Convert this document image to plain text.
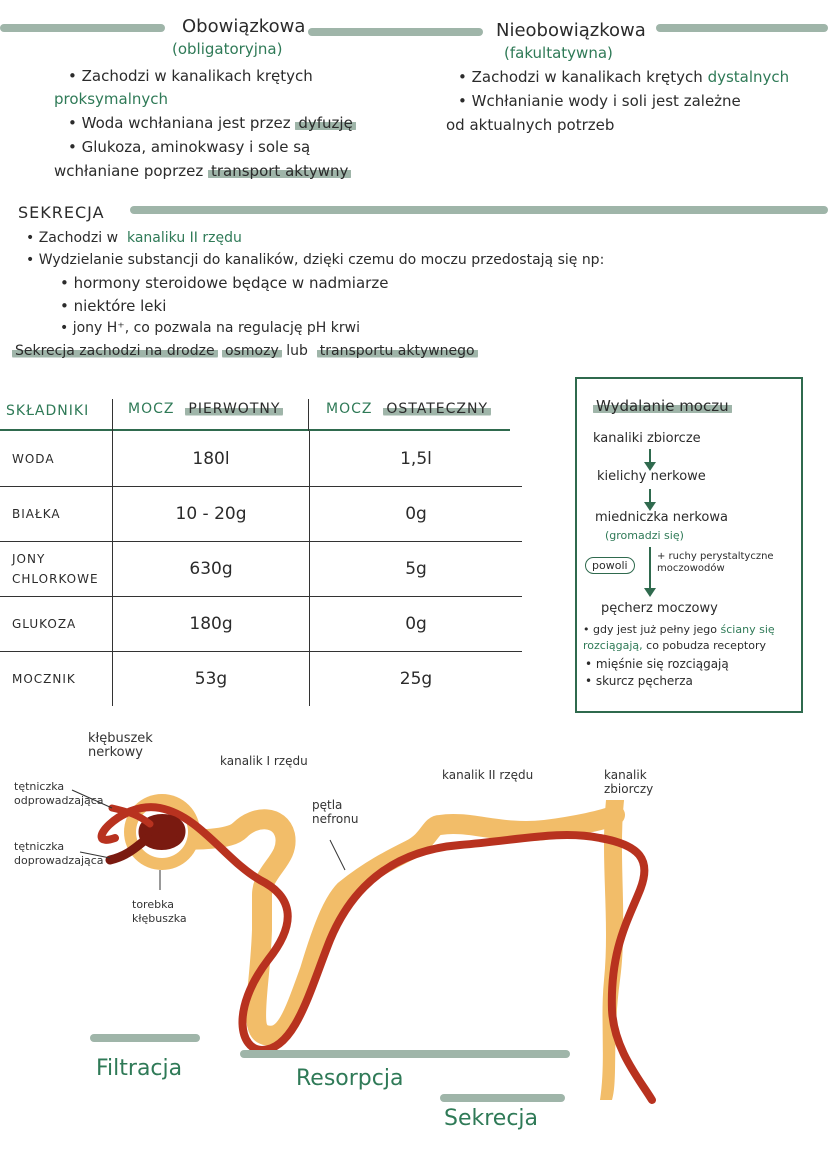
Obowiązkowa
(obligatoryjna)
• Zachodzi w kanalikach krętych
proksymalnych
• Woda wchłaniana jest przez dyfuzję
• Glukoza, aminokwasy i sole są
wchłaniane poprzez transport aktywny
Nieobowiązkowa
(fakultatywna)
• Zachodzi w kanalikach krętych dystalnych
• Wchłanianie wody i soli jest zależne
od aktualnych potrzeb
SEKRECJA
• Zachodzi w kanaliku II rzędu
• Wydzielanie substancji do kanalików, dzięki czemu do moczu przedostają się np:
• hormony steroidowe będące w nadmiarze
• niektóre leki
• jony H⁺, co pozwala na regulację pH krwi
Sekrecja zachodzi na drodze osmozy lub transportu aktywnego
SKŁADNIKI	MOCZ PIERWOTNY	MOCZ OSTATECZNY
WODA	180l	1,5l
BIAŁKA	10 - 20g	0g
JONY CHLORKOWE	630g	5g
GLUKOZA	180g	0g
MOCZNIK	53g	25g
Wydalanie moczu
kanaliki zbiorcze
kielichy nerkowe
miedniczka nerkowa
(gromadzi się)
powoli
+ ruchy perystaltyczne
moczowodów
pęcherz moczowy
• gdy jest już pełny jego ściany się rozciągają, co pobudza receptory
• mięśnie się rozciągają
• skurcz pęcherza
kłębuszek nerkowy
tętniczka odprowadzająca
tętniczka doprowadzająca
torebka kłębuszka
kanalik I rzędu
pętla nefronu
kanalik II rzędu	kanalik zbiorczy
Filtracja	Resorpcja
Sekrecja
